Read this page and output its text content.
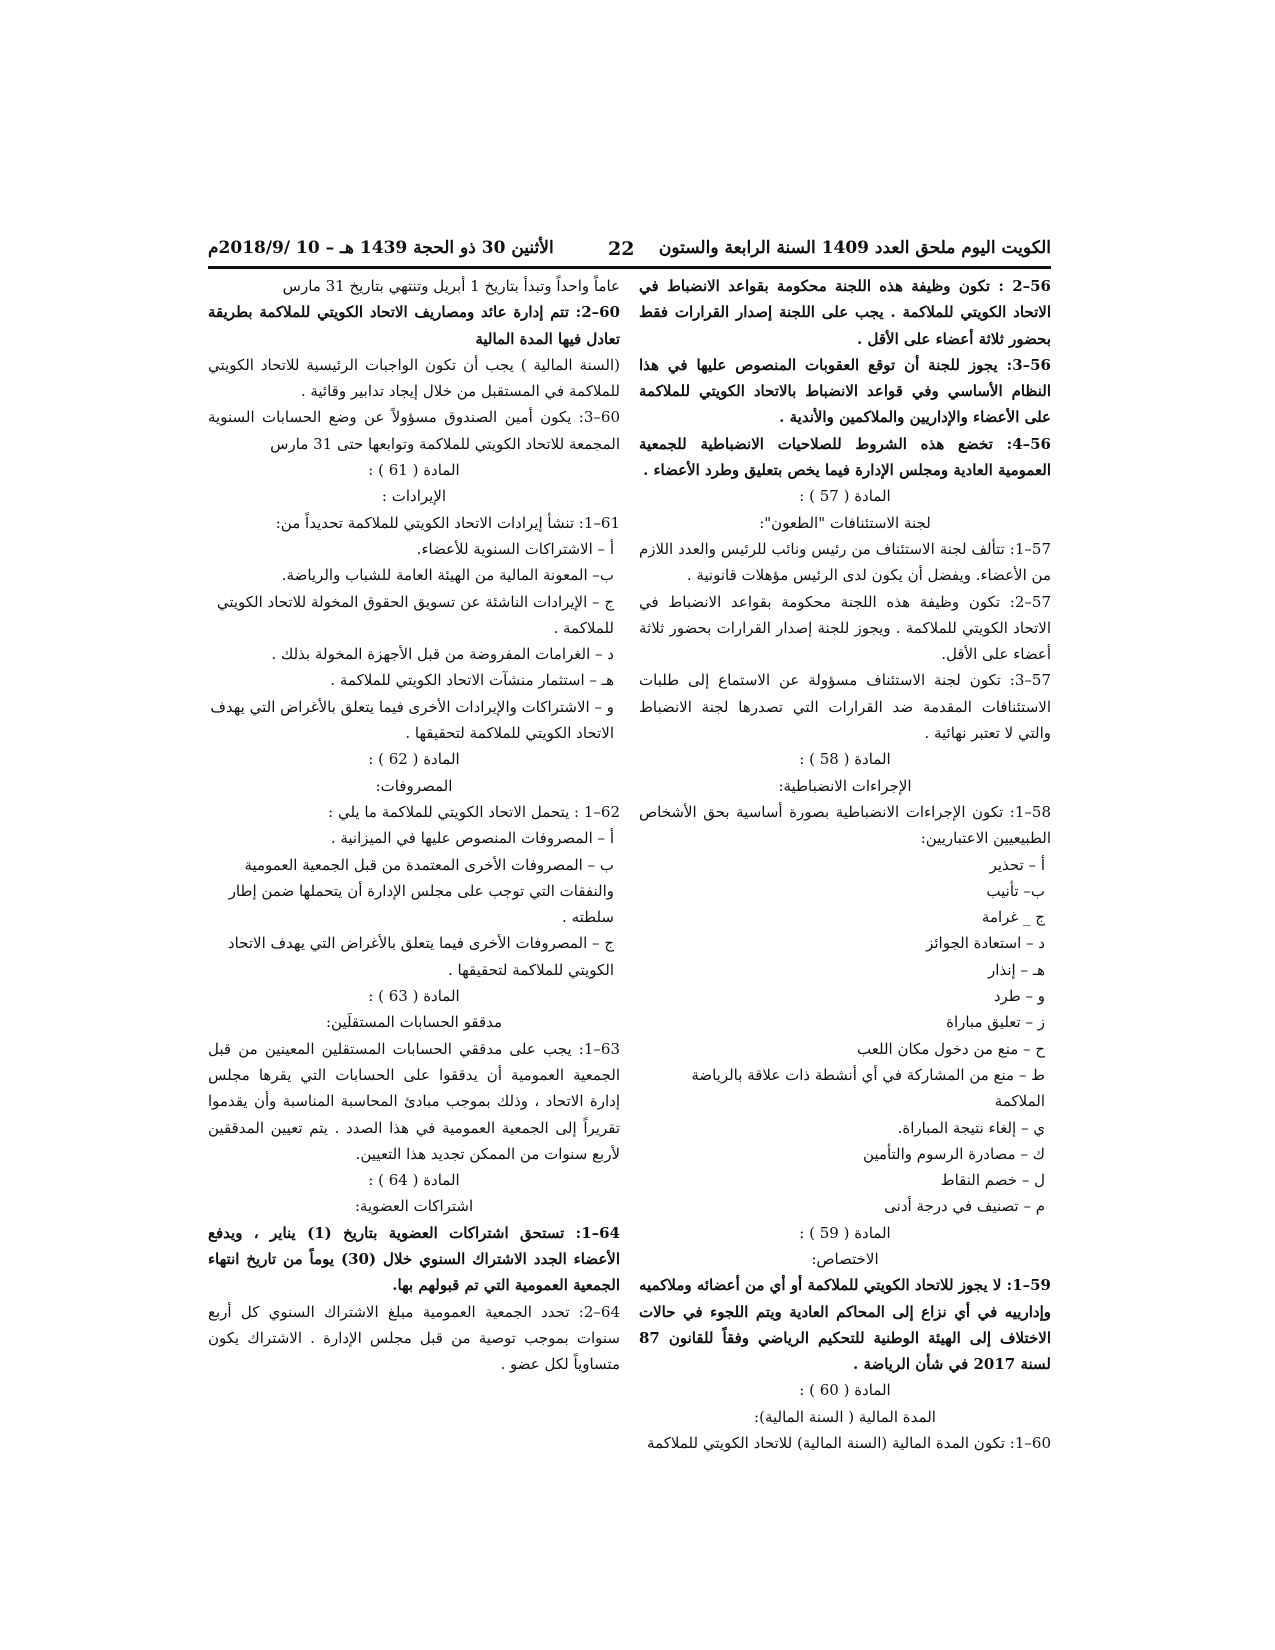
الكويت اليوم ملحق العدد 1409 السنة الرابعة والستون
22
الأثنين 30 ذو الحجة 1439 هـ – 10 /2018/9م

56–2 : تكون وظيفة هذه اللجنة محكومة بقواعد الانضباط في الاتحاد الكويتي للملاكمة . يجب على اللجنة إصدار القرارات فقط بحضور ثلاثة أعضاء على الأقل .

56–3: يجوز للجنة أن توقع العقوبات المنصوص عليها في هذا النظام الأساسي وفي قواعد الانضباط بالاتحاد الكويتي للملاكمة على الأعضاء والإداريين والملاكمين والأندية .

56–4: تخضع هذه الشروط للصلاحيات الانضباطية للجمعية العمومية العادية ومجلس الإدارة فيما يخص بتعليق وطرد الأعضاء .

المادة ( 57 ) :

لجنة الاستئنافات "الطعون":

57–1: تتألف لجنة الاستئناف من رئيس ونائب للرئيس والعدد اللازم من الأعضاء. ويفضل أن يكون لدى الرئيس مؤهلات قانونية .

57–2: تكون وظيفة هذه اللجنة محكومة بقواعد الانضباط في الاتحاد الكويتي للملاكمة . ويجوز للجنة إصدار القرارات بحضور ثلاثة أعضاء على الأقل.

57–3: تكون لجنة الاستئناف مسؤولة عن الاستماع إلى طلبات الاستئنافات المقدمة ضد القرارات التي تصدرها لجنة الانضباط والتي لا تعتبر نهائية .

المادة ( 58 ) :

الإجراءات الانضباطية:

58–1: تكون الإجراءات الانضباطية بصورة أساسية بحق الأشخاص الطبيعيين الاعتباريين:

أ – تحذير

ب– تأنيب

ج _ غرامة

د – استعادة الجوائز

هـ – إنذار

و – طرد

ز – تعليق مباراة

ح – منع من دخول مكان اللعب

ط – منع من المشاركة في أي أنشطة ذات علاقة بالرياضة الملاكمة

ي – إلغاء نتيجة المباراة.

ك – مصادرة الرسوم والتأمين

ل – خصم النقاط

م – تصنيف في درجة أدنى

المادة ( 59 ) :

الاختصاص:

59–1: لا يجوز للاتحاد الكويتي للملاكمة أو أي من أعضائه وملاكميه وإدارييه في أي نزاع إلى المحاكم العادية ويتم اللجوء في حالات الاختلاف إلى الهيئة الوطنية للتحكيم الرياضي وفقاً للقانون 87 لسنة 2017 في شأن الرياضة .

المادة ( 60 ) :

المدة المالية ( السنة المالية):

60–1: تكون المدة المالية (السنة المالية) للاتحاد الكويتي للملاكمة

عاماً واحداً وتبدأ بتاريخ 1 أبريل وتنتهي بتاريخ 31 مارس

60–2: تتم إدارة عائد ومصاريف الاتحاد الكويتي للملاكمة بطريقة تعادل فيها المدة المالية

(السنة المالية ) يجب أن تكون الواجبات الرئيسية للاتحاد الكويتي للملاكمة في المستقبل من خلال إيجاد تدابير وقائية .

60–3: يكون أمين الصندوق مسؤولاً عن وضع الحسابات السنوية المجمعة للاتحاد الكويتي للملاكمة وتوابعها حتى 31 مارس

المادة ( 61 ) :

الإيرادات :

61–1: تنشأ إيرادات الاتحاد الكويتي للملاكمة تحديداً من:

أ – الاشتراكات السنوية للأعضاء.

ب– المعونة المالية من الهيئة العامة للشباب والرياضة.

ج – الإيرادات الناشئة عن تسويق الحقوق المخولة للاتحاد الكويتي للملاكمة .

د – الغرامات المفروضة من قبل الأجهزة المخولة بذلك .

هـ – استثمار منشآت الاتحاد الكويتي للملاكمة .

و – الاشتراكات والإيرادات الأخرى فيما يتعلق بالأغراض التي يهدف الاتحاد الكويتي للملاكمة لتحقيقها .

المادة ( 62 ) :

المصروفات:

62–1 : يتحمل الاتحاد الكويتي للملاكمة ما يلي :

أ – المصروفات المنصوص عليها في الميزانية .

ب – المصروفات الأخرى المعتمدة من قبل الجمعية العمومية والنفقات التي توجب على مجلس الإدارة أن يتحملها ضمن إطار سلطته .

ج – المصروفات الأخرى فيما يتعلق بالأغراض التي يهدف الاتحاد الكويتي للملاكمة لتحقيقها .

المادة ( 63 ) :

مدققو الحسابات المستقلَين:

63–1: يجب على مدققي الحسابات المستقلين المعينين من قبل الجمعية العمومية أن يدققوا على الحسابات التي يقرها مجلس إدارة الاتحاد ، وذلك بموجب مبادئ المحاسبة المناسبة وأن يقدموا تقريراً إلى الجمعية العمومية في هذا الصدد . يتم تعيين المدققين لأربع سنوات من الممكن تجديد هذا التعيين.

المادة ( 64 ) :

اشتراكات العضوية:

64–1: تستحق اشتراكات العضوية بتاريخ (1) يناير ، ويدفع الأعضاء الجدد الاشتراك السنوي خلال (30) يوماً من تاريخ انتهاء الجمعية العمومية التي تم قبولهم بها.

64–2: تحدد الجمعية العمومية مبلغ الاشتراك السنوي كل أربع سنوات بموجب توصية من قبل مجلس الإدارة . الاشتراك يكون متساوياً لكل عضو .
